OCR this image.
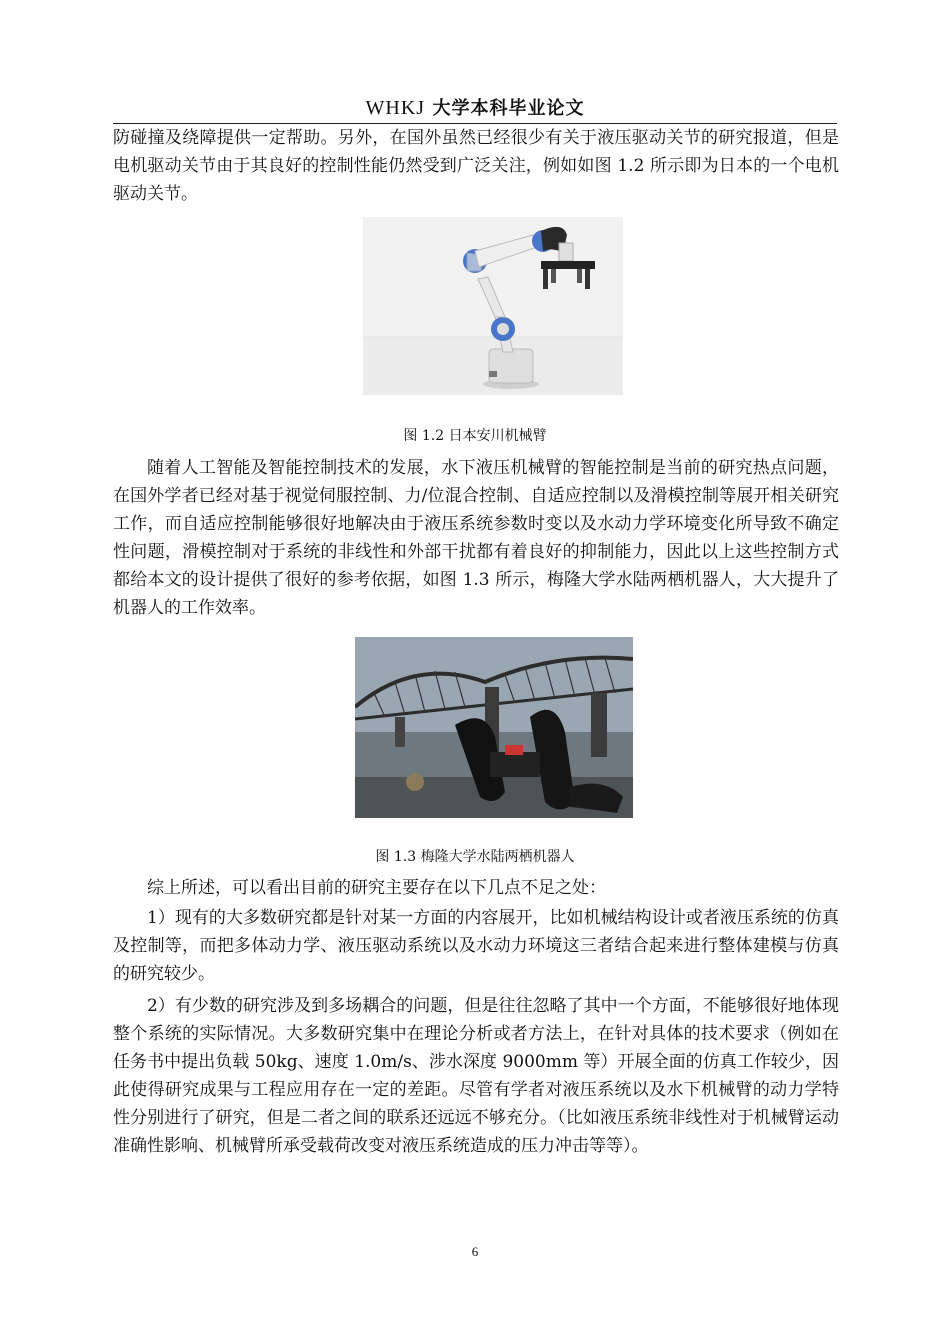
WHKJ 大学本科毕业论文
防碰撞及绕障提供一定帮助。另外，在国外虽然已经很少有关于液压驱动关节的研究报道，但是电机驱动关节由于其良好的控制性能仍然受到广泛关注，例如如图 1.2 所示即为日本的一个电机驱动关节。
图 1.2 日本安川机械臂
随着人工智能及智能控制技术的发展，水下液压机械臂的智能控制是当前的研究热点问题，在国外学者已经对基于视觉伺服控制、力/位混合控制、自适应控制以及滑模控制等展开相关研究工作，而自适应控制能够很好地解决由于液压系统参数时变以及水动力学环境变化所导致不确定性问题，滑模控制对于系统的非线性和外部干扰都有着良好的抑制能力，因此以上这些控制方式都给本文的设计提供了很好的参考依据，如图 1.3 所示，梅隆大学水陆两栖机器人，大大提升了机器人的工作效率。
图 1.3 梅隆大学水陆两栖机器人
综上所述，可以看出目前的研究主要存在以下几点不足之处：
1）现有的大多数研究都是针对某一方面的内容展开，比如机械结构设计或者液压系统的仿真及控制等，而把多体动力学、液压驱动系统以及水动力环境这三者结合起来进行整体建模与仿真的研究较少。
2）有少数的研究涉及到多场耦合的问题，但是往往忽略了其中一个方面，不能够很好地体现整个系统的实际情况。大多数研究集中在理论分析或者方法上，在针对具体的技术要求（例如在任务书中提出负载 50kg、速度 1.0m/s、涉水深度 9000mm 等）开展全面的仿真工作较少，因此使得研究成果与工程应用存在一定的差距。尽管有学者对液压系统以及水下机械臂的动力学特性分别进行了研究，但是二者之间的联系还远远不够充分。（比如液压系统非线性对于机械臂运动准确性影响、机械臂所承受载荷改变对液压系统造成的压力冲击等等）。
6
